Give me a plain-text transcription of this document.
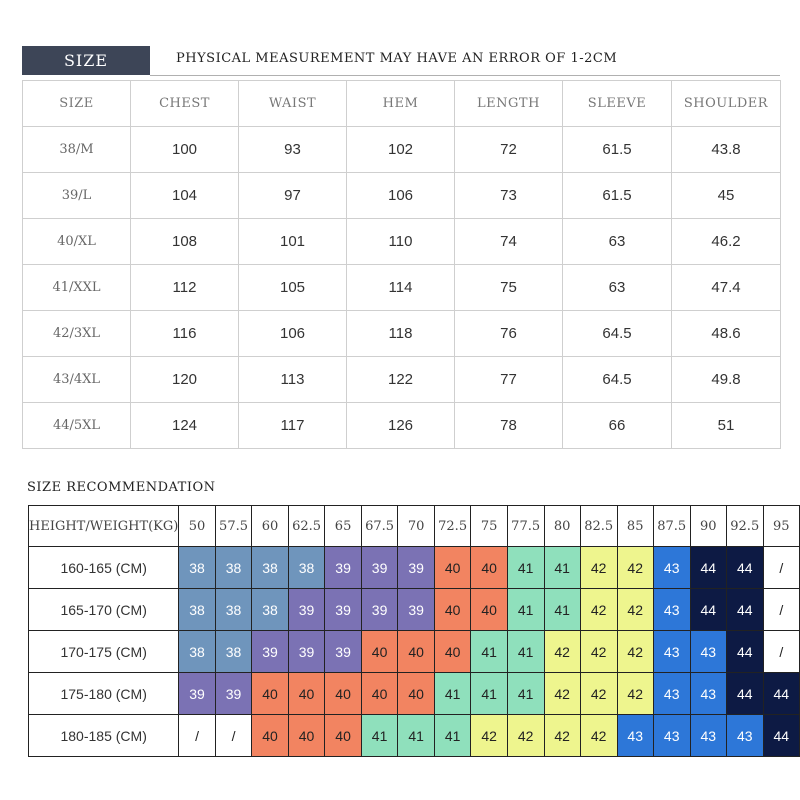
SIZE	PHYSICAL MEASUREMENT MAY HAVE AN ERROR OF 1-2CM
SIZE	CHEST	WAIST	HEM	LENGTH	SLEEVE	SHOULDER
38/M	100	93	102	72	61.5	43.8
39/L	104	97	106	73	61.5	45
40/XL	108	101	110	74	63	46.2
41/XXL	112	105	114	75	63	47.4
42/3XL	116	106	118	76	64.5	48.6
43/4XL	120	113	122	77	64.5	49.8
44/5XL	124	117	126	78	66	51
SIZE RECOMMENDATION
HEIGHT/WEIGHT(KG)	50	57.5	60	62.5	65	67.5	70	72.5	75	77.5	80	82.5	85	87.5	90	92.5	95
160-165 (CM)	38	38	38	38	39	39	39	40	40	41	41	42	42	43	44	44	/
165-170 (CM)	38	38	38	39	39	39	39	40	40	41	41	42	42	43	44	44	/
170-175 (CM)	38	38	39	39	39	40	40	40	41	41	42	42	42	43	43	44	/
175-180 (CM)	39	39	40	40	40	40	40	41	41	41	42	42	42	43	43	44	44
180-185 (CM)	/	/	40	40	40	41	41	41	42	42	42	42	43	43	43	43	44
